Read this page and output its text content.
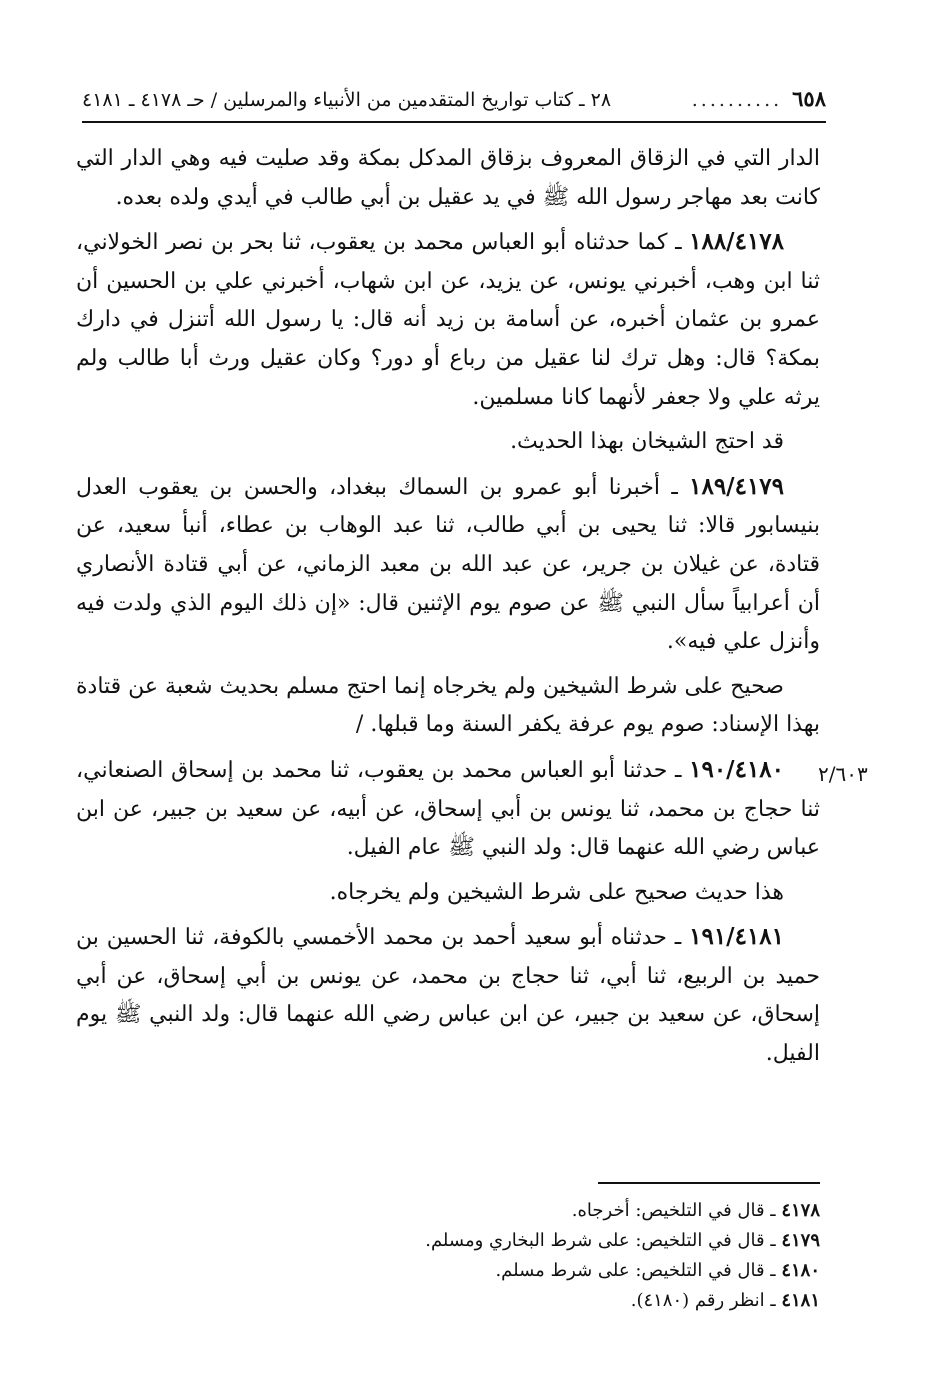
٦٥٨
..........
٢٨ ـ كتاب تواريخ المتقدمين من الأنبياء والمرسلين / حـ ٤١٧٨ ـ ٤١٨١

الدار التي في الزقاق المعروف بزقاق المدكل بمكة وقد صليت فيه وهي الدار التي كانت بعد مهاجر رسول الله ﷺ في يد عقيل بن أبي طالب في أيدي ولده بعده.

١٨٨/٤١٧٨ ـ كما حدثناه أبو العباس محمد بن يعقوب، ثنا بحر بن نصر الخولاني، ثنا ابن وهب، أخبرني يونس، عن يزيد، عن ابن شهاب، أخبرني علي بن الحسين أن عمرو بن عثمان أخبره، عن أسامة بن زيد أنه قال: يا رسول الله أتنزل في دارك بمكة؟ قال: وهل ترك لنا عقيل من رباع أو دور؟ وكان عقيل ورث أبا طالب ولم يرثه علي ولا جعفر لأنهما كانا مسلمين.

قد احتج الشيخان بهذا الحديث.

١٨٩/٤١٧٩ ـ أخبرنا أبو عمرو بن السماك ببغداد، والحسن بن يعقوب العدل بنيسابور قالا: ثنا يحيى بن أبي طالب، ثنا عبد الوهاب بن عطاء، أنبأ سعيد، عن قتادة، عن غيلان بن جرير، عن عبد الله بن معبد الزماني، عن أبي قتادة الأنصاري أن أعرابياً سأل النبي ﷺ عن صوم يوم الإثنين قال: «إن ذلك اليوم الذي ولدت فيه وأنزل علي فيه».

صحيح على شرط الشيخين ولم يخرجاه إنما احتج مسلم بحديث شعبة عن قتادة بهذا الإسناد: صوم يوم عرفة يكفر السنة وما قبلها. /

١٩٠/٤١٨٠ ـ حدثنا أبو العباس محمد بن يعقوب، ثنا محمد بن إسحاق الصنعاني، ثنا حجاج بن محمد، ثنا يونس بن أبي إسحاق، عن أبيه، عن سعيد بن جبير، عن ابن عباس رضي الله عنهما قال: ولد النبي ﷺ عام الفيل.

هذا حديث صحيح على شرط الشيخين ولم يخرجاه.

١٩١/٤١٨١ ـ حدثناه أبو سعيد أحمد بن محمد الأخمسي بالكوفة، ثنا الحسين بن حميد بن الربيع، ثنا أبي، ثنا حجاج بن محمد، عن يونس بن أبي إسحاق، عن أبي إسحاق، عن سعيد بن جبير، عن ابن عباس رضي الله عنهما قال: ولد النبي ﷺ يوم الفيل.

٢/٦٠٣
٤١٧٨ ـ قال في التلخيص: أخرجاه.
٤١٧٩ ـ قال في التلخيص: على شرط البخاري ومسلم.
٤١٨٠ ـ قال في التلخيص: على شرط مسلم.
٤١٨١ ـ انظر رقم (٤١٨٠).
